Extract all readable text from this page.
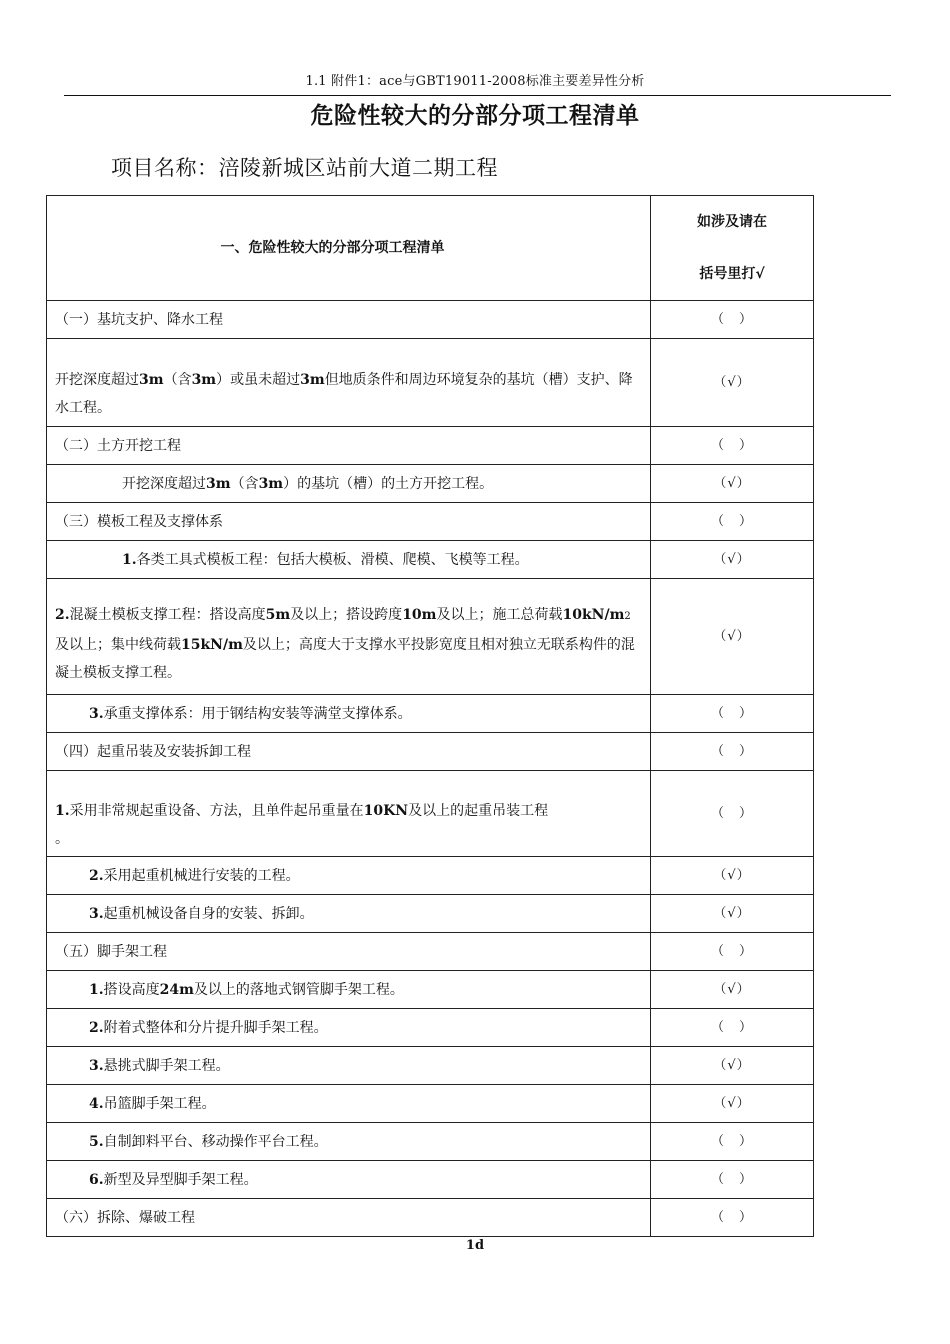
1.1 附件1：ace与GBT19011-2008标准主要差异性分析
危险性较大的分部分项工程清单
项目名称：涪陵新城区站前大道二期工程
一、危险性较大的分部分项工程清单	如涉及请在
括号里打√

（一）基坑支护、降水工程	（　）
开挖深度超过3m（含3m）或虽未超过3m但地质条件和周边环境复杂的基坑（槽）支护、降水工程。	（√）
（二）土方开挖工程	（　）
开挖深度超过3m（含3m）的基坑（槽）的土方开挖工程。	（√）
（三）模板工程及支撑体系	（　）
1.各类工具式模板工程：包括大模板、滑模、爬模、飞模等工程。	（√）
2.混凝土模板支撑工程：搭设高度5m及以上；搭设跨度10m及以上；施工总荷载10kN/m2及以上；集中线荷载15kN/m及以上；高度大于支撑水平投影宽度且相对独立无联系构件的混凝土模板支撑工程。	（√）
3.承重支撑体系：用于钢结构安装等满堂支撑体系。	（　）
（四）起重吊装及安装拆卸工程	（　）
1.采用非常规起重设备、方法，且单件起吊重量在10KN及以上的起重吊装工程
。	（　）
2.采用起重机械进行安装的工程。	（√）
3.起重机械设备自身的安装、拆卸。	（√）
（五）脚手架工程	（　）
1.搭设高度24m及以上的落地式钢管脚手架工程。	（√）
2.附着式整体和分片提升脚手架工程。	（　）
3.悬挑式脚手架工程。	（√）
4.吊篮脚手架工程。	（√）
5.自制卸料平台、移动操作平台工程。	（　）
6.新型及异型脚手架工程。	（　）
（六）拆除、爆破工程	（　）
1d
